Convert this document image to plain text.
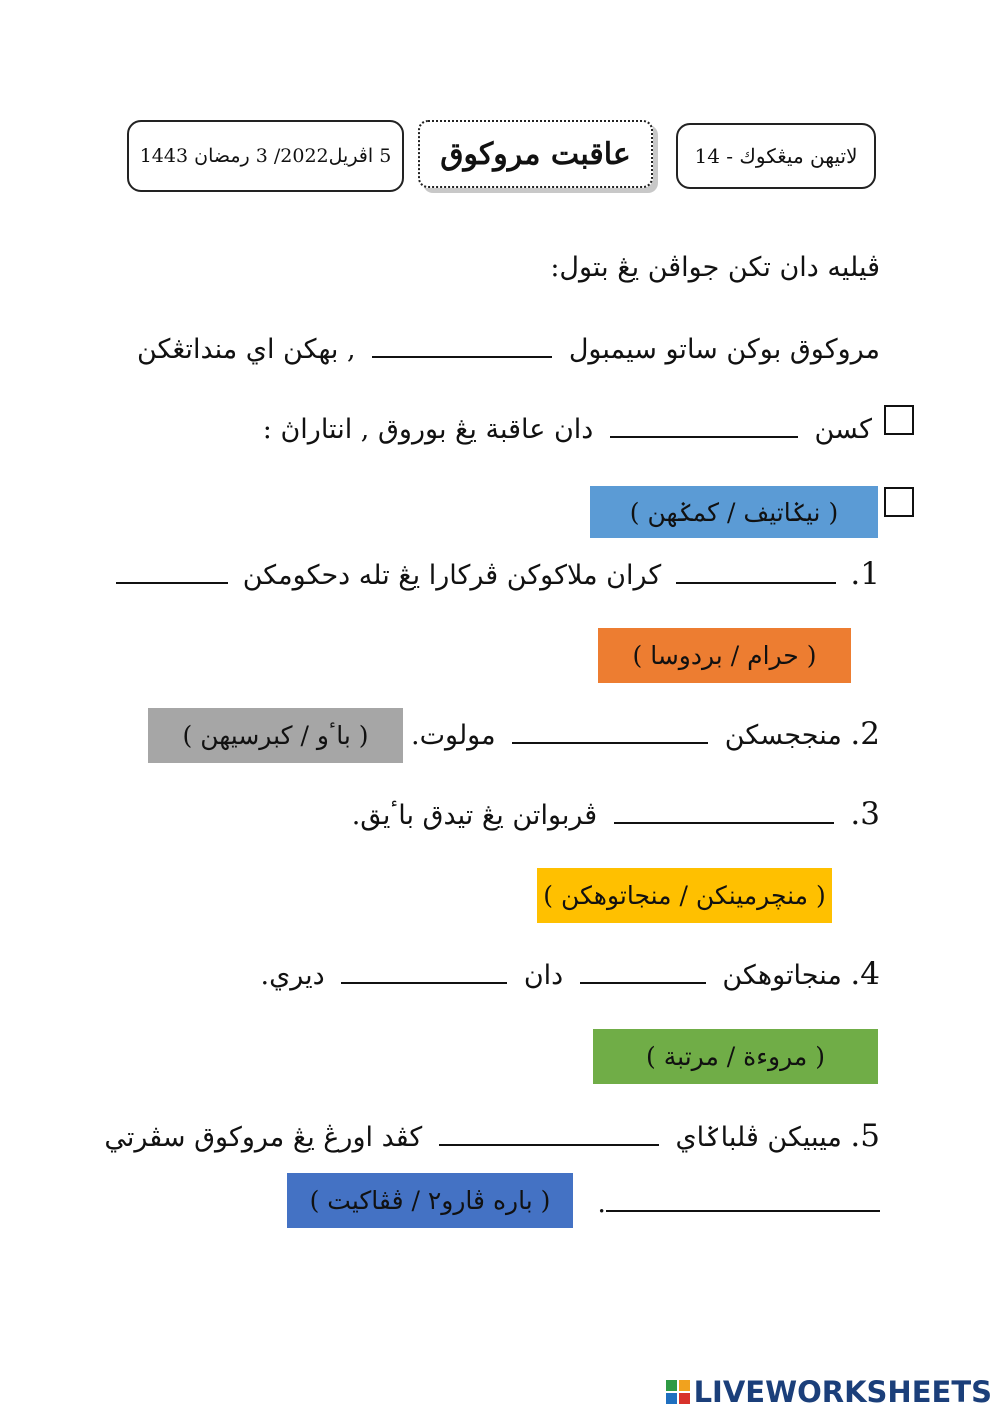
لاتيهن ميڠكوك - 14
عاقبت مروكوق
5 اڤريل2022/ 3 رمضان 1443
ڤيليه دان تكن جواڤن يڠ بتول:
مروكوق بوكن ساتو سيمبول  , بهكن اي منداتڠكن
كسن  دان عاقبة يڠ بوروق , انتاراڽ :
( نيݢاتيف / كمݢهن )
1.  كران ملاكوكن ڤركارا يڠ تله دحكومكن
( حرام / بردوسا )
( باٴو / كبرسيهن )	2. منججسكن  مولوت.
3.  ڤربواتن يڠ تيدق باٴيق.
( منچرمينكن / منجاتوهكن )
4. منجاتوهكن  دان  ديري.
( مروءة / مرتبة )
5. ميبيكن ڤلباݢاي  كڤد اورڠ يڠ مروكوق سڤرتي
.
( باره ڤارو٢ / ڤڤاكيت )
LIVEWORKSHEETS
